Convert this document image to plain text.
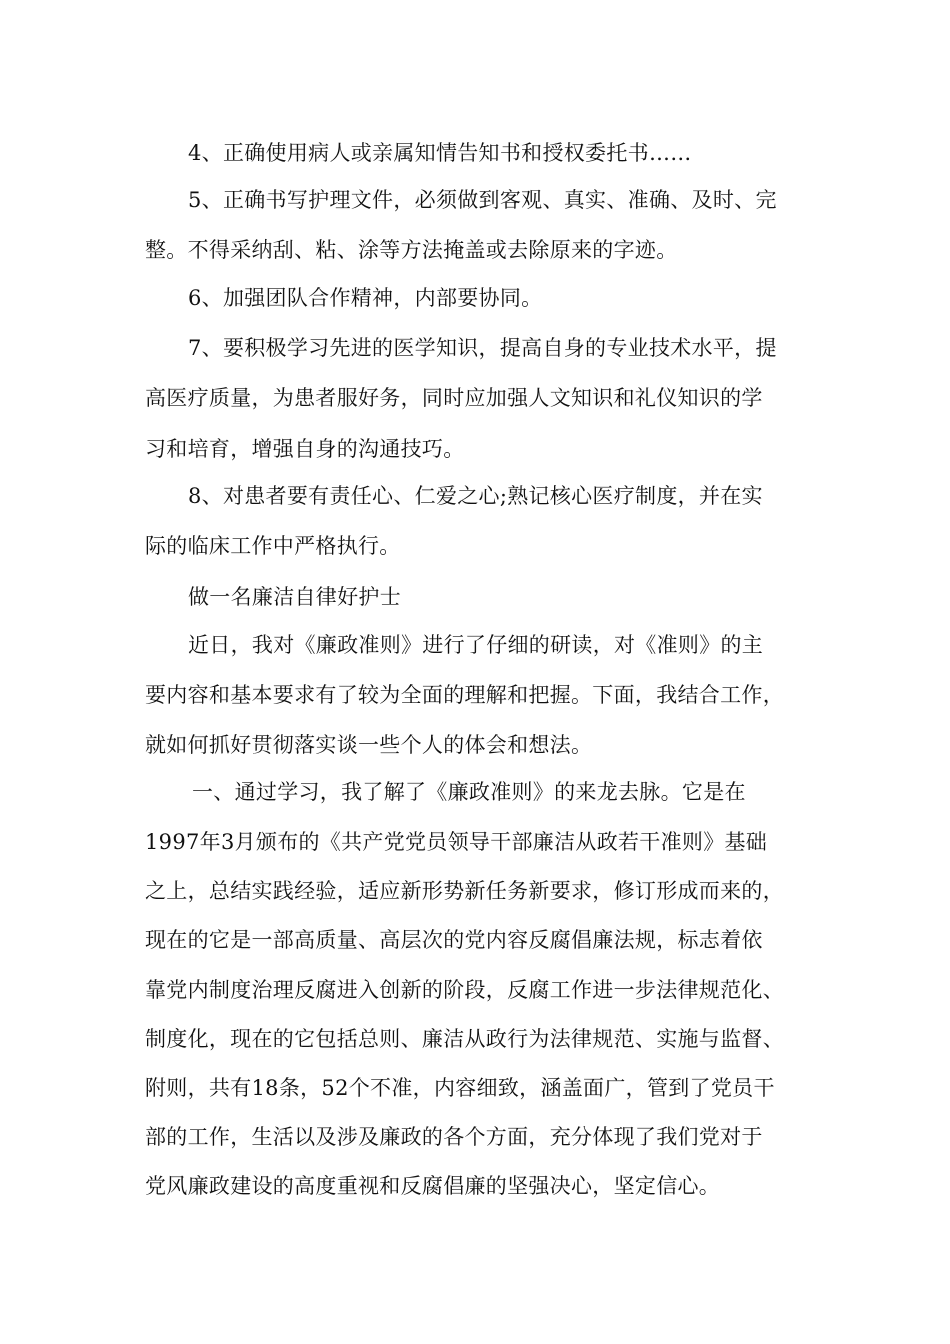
4、正确使用病人或亲属知情告知书和授权委托书……
5、正确书写护理文件，必须做到客观、真实、准确、及时、完
整。不得采纳刮、粘、涂等方法掩盖或去除原来的字迹。
6、加强团队合作精神，内部要协同。
7、要积极学习先进的医学知识，提高自身的专业技术水平，提
高医疗质量，为患者服好务，同时应加强人文知识和礼仪知识的学
习和培育，增强自身的沟通技巧。
8、对患者要有责任心、仁爱之心;熟记核心医疗制度，并在实
际的临床工作中严格执行。
做一名廉洁自律好护士
近日，我对《廉政准则》进行了仔细的研读，对《准则》的主
要内容和基本要求有了较为全面的理解和把握。下面，我结合工作，
就如何抓好贯彻落实谈一些个人的体会和想法。
一、通过学习，我了解了《廉政准则》的来龙去脉。它是在
1997年3月颁布的《共产党党员领导干部廉洁从政若干准则》基础
之上，总结实践经验，适应新形势新任务新要求，修订形成而来的，
现在的它是一部高质量、高层次的党内容反腐倡廉法规，标志着依
靠党内制度治理反腐进入创新的阶段，反腐工作进一步法律规范化、
制度化，现在的它包括总则、廉洁从政行为法律规范、实施与监督、
附则，共有18条，52个不准，内容细致，涵盖面广，管到了党员干
部的工作，生活以及涉及廉政的各个方面，充分体现了我们党对于
党风廉政建设的高度重视和反腐倡廉的坚强决心，坚定信心。
